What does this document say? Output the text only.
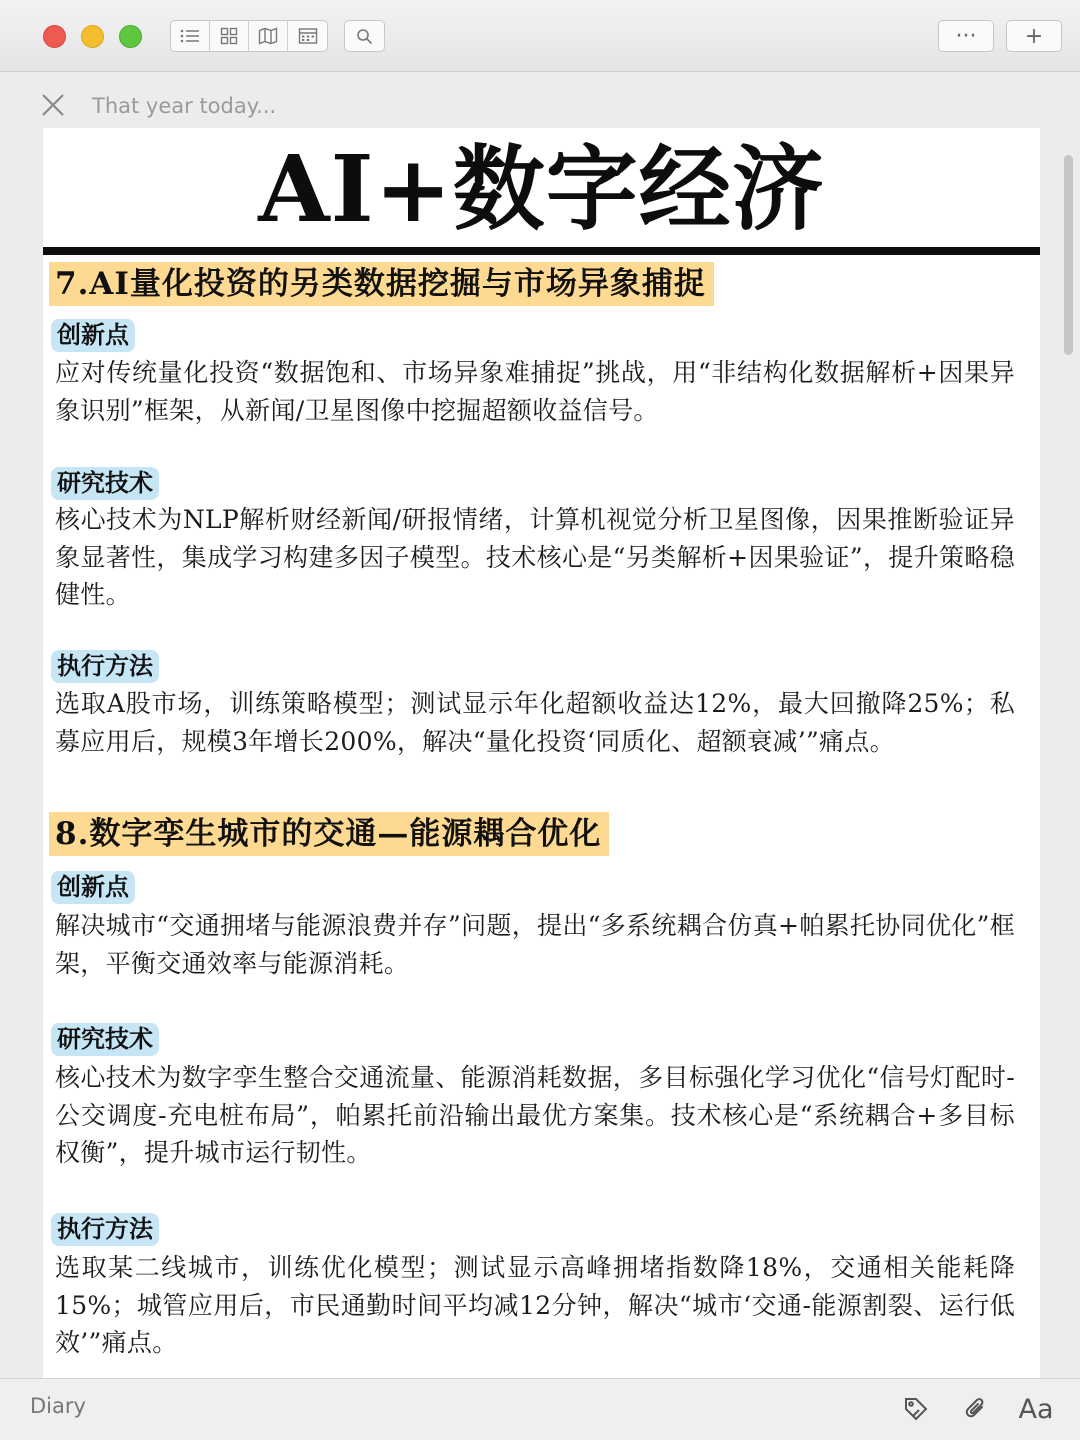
···	+
That year today...
AI+数字经济
7.AI量化投资的另类数据挖掘与市场异象捕捉
创新点
应对传统量化投资“数据饱和、市场异象难捕捉”挑战，用“非结构化数据解析+因果异象识别”框架，从新闻/卫星图像中挖掘超额收益信号。
研究技术
核心技术为NLP解析财经新闻/研报情绪，计算机视觉分析卫星图像，因果推断验证异象显著性，集成学习构建多因子模型。技术核心是“另类解析+因果验证”，提升策略稳健性。
执行方法
选取A股市场，训练策略模型；测试显示年化超额收益达12%，最大回撤降25%；私募应用后，规模3年增长200%，解决“量化投资‘同质化、超额衰减’”痛点。
8.数字孪生城市的交通—能源耦合优化
创新点
解决城市“交通拥堵与能源浪费并存”问题，提出“多系统耦合仿真+帕累托协同优化”框架，平衡交通效率与能源消耗。
研究技术
核心技术为数字孪生整合交通流量、能源消耗数据，多目标强化学习优化“信号灯配时-公交调度-充电桩布局”，帕累托前沿输出最优方案集。技术核心是“系统耦合+多目标权衡”，提升城市运行韧性。
执行方法
选取某二线城市，训练优化模型；测试显示高峰拥堵指数降18%，交通相关能耗降15%；城管应用后，市民通勤时间平均减12分钟，解决“城市‘交通-能源割裂、运行低效’”痛点。
Diary	Aa
